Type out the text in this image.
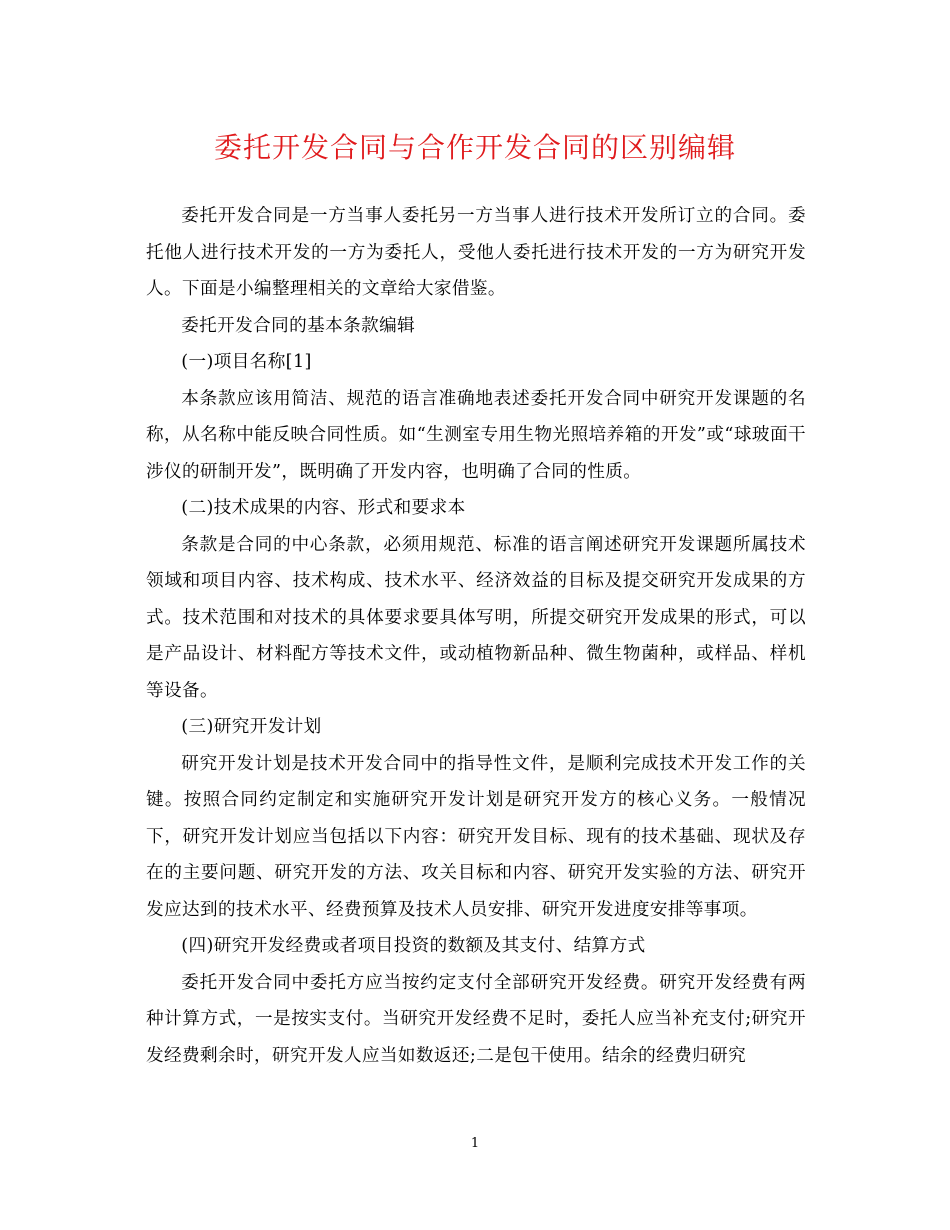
委托开发合同与合作开发合同的区别编辑

委托开发合同是一方当事人委托另一方当事人进行技术开发所订立的合同。委托他人进行技术开发的一方为委托人，受他人委托进行技术开发的一方为研究开发人。下面是小编整理相关的文章给大家借鉴。

委托开发合同的基本条款编辑

(一)项目名称[1]

本条款应该用简洁、规范的语言准确地表述委托开发合同中研究开发课题的名称，从名称中能反映合同性质。如“生测室专用生物光照培养箱的开发”或“球玻面干涉仪的研制开发”，既明确了开发内容，也明确了合同的性质。

(二)技术成果的内容、形式和要求本

条款是合同的中心条款，必须用规范、标准的语言阐述研究开发课题所属技术领域和项目内容、技术构成、技术水平、经济效益的目标及提交研究开发成果的方式。技术范围和对技术的具体要求要具体写明，所提交研究开发成果的形式，可以是产品设计、材料配方等技术文件，或动植物新品种、微生物菌种，或样品、样机等设备。

(三)研究开发计划

研究开发计划是技术开发合同中的指导性文件，是顺利完成技术开发工作的关键。按照合同约定制定和实施研究开发计划是研究开发方的核心义务。一般情况下，研究开发计划应当包括以下内容：研究开发目标、现有的技术基础、现状及存在的主要问题、研究开发的方法、攻关目标和内容、研究开发实验的方法、研究开发应达到的技术水平、经费预算及技术人员安排、研究开发进度安排等事项。

(四)研究开发经费或者项目投资的数额及其支付、结算方式

委托开发合同中委托方应当按约定支付全部研究开发经费。研究开发经费有两种计算方式，一是按实支付。当研究开发经费不足时，委托人应当补充支付;研究开发经费剩余时，研究开发人应当如数返还;二是包干使用。结余的经费归研究

1
